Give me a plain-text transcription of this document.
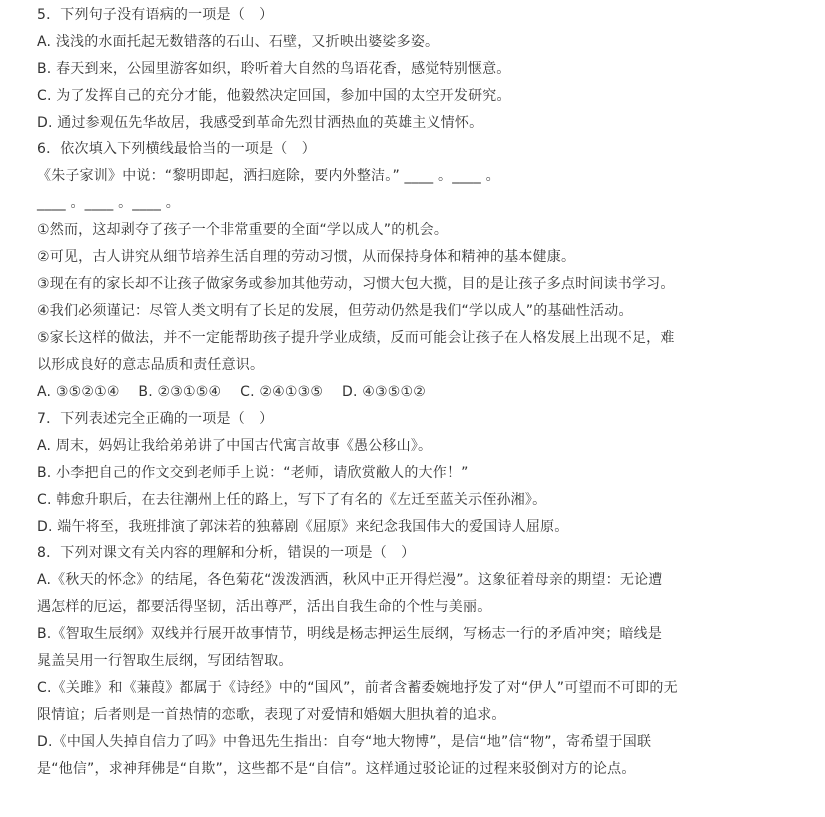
5．下列句子没有语病的一项是（　）
A. 浅浅的水面托起无数错落的石山、石壁，又折映出婆娑多姿。
B. 春天到来，公园里游客如织，聆听着大自然的鸟语花香，感觉特别惬意。
C. 为了发挥自己的充分才能，他毅然决定回国，参加中国的太空开发研究。
D. 通过参观伍先华故居，我感受到革命先烈甘洒热血的英雄主义情怀。
6．依次填入下列横线最恰当的一项是（　）
《朱子家训》中说：“黎明即起，洒扫庭除，要内外整洁。” ____ 。____ 。
____ 。____ 。____ 。
①然而，这却剥夺了孩子一个非常重要的全面“学以成人”的机会。
②可见，古人讲究从细节培养生活自理的劳动习惯，从而保持身体和精神的基本健康。
③现在有的家长却不让孩子做家务或参加其他劳动，习惯大包大揽，目的是让孩子多点时间读书学习。
④我们必须谨记：尽管人类文明有了长足的发展，但劳动仍然是我们“学以成人”的基础性活动。
⑤家长这样的做法，并不一定能帮助孩子提升学业成绩，反而可能会让孩子在人格发展上出现不足，难
以形成良好的意志品质和责任意识。
A. ③⑤②①④　 B. ②③①⑤④　 C. ②④①③⑤　 D. ④③⑤①②
7．下列表述完全正确的一项是（　）
A. 周末，妈妈让我给弟弟讲了中国古代寓言故事《愚公移山》。
B. 小李把自己的作文交到老师手上说：“老师，请欣赏敝人的大作！”
C. 韩愈升职后，在去往潮州上任的路上，写下了有名的《左迁至蓝关示侄孙湘》。
D. 端午将至，我班排演了郭沫若的独幕剧《屈原》来纪念我国伟大的爱国诗人屈原。
8．下列对课文有关内容的理解和分析，错误的一项是（　）
A.《秋天的怀念》的结尾，各色菊花“泼泼洒洒，秋风中正开得烂漫”。这象征着母亲的期望：无论遭
遇怎样的厄运，都要活得坚韧，活出尊严，活出自我生命的个性与美丽。
B.《智取生辰纲》双线并行展开故事情节，明线是杨志押运生辰纲，写杨志一行的矛盾冲突；暗线是
晁盖吴用一行智取生辰纲，写团结智取。
C.《关雎》和《蒹葭》都属于《诗经》中的“国风”，前者含蓄委婉地抒发了对“伊人”可望而不可即的无
限情谊；后者则是一首热情的恋歌，表现了对爱情和婚姻大胆执着的追求。
D.《中国人失掉自信力了吗》中鲁迅先生指出：自夸“地大物博”，是信“地”信“物”，寄希望于国联
是“他信”，求神拜佛是“自欺”，这些都不是“自信”。这样通过驳论证的过程来驳倒对方的论点。
